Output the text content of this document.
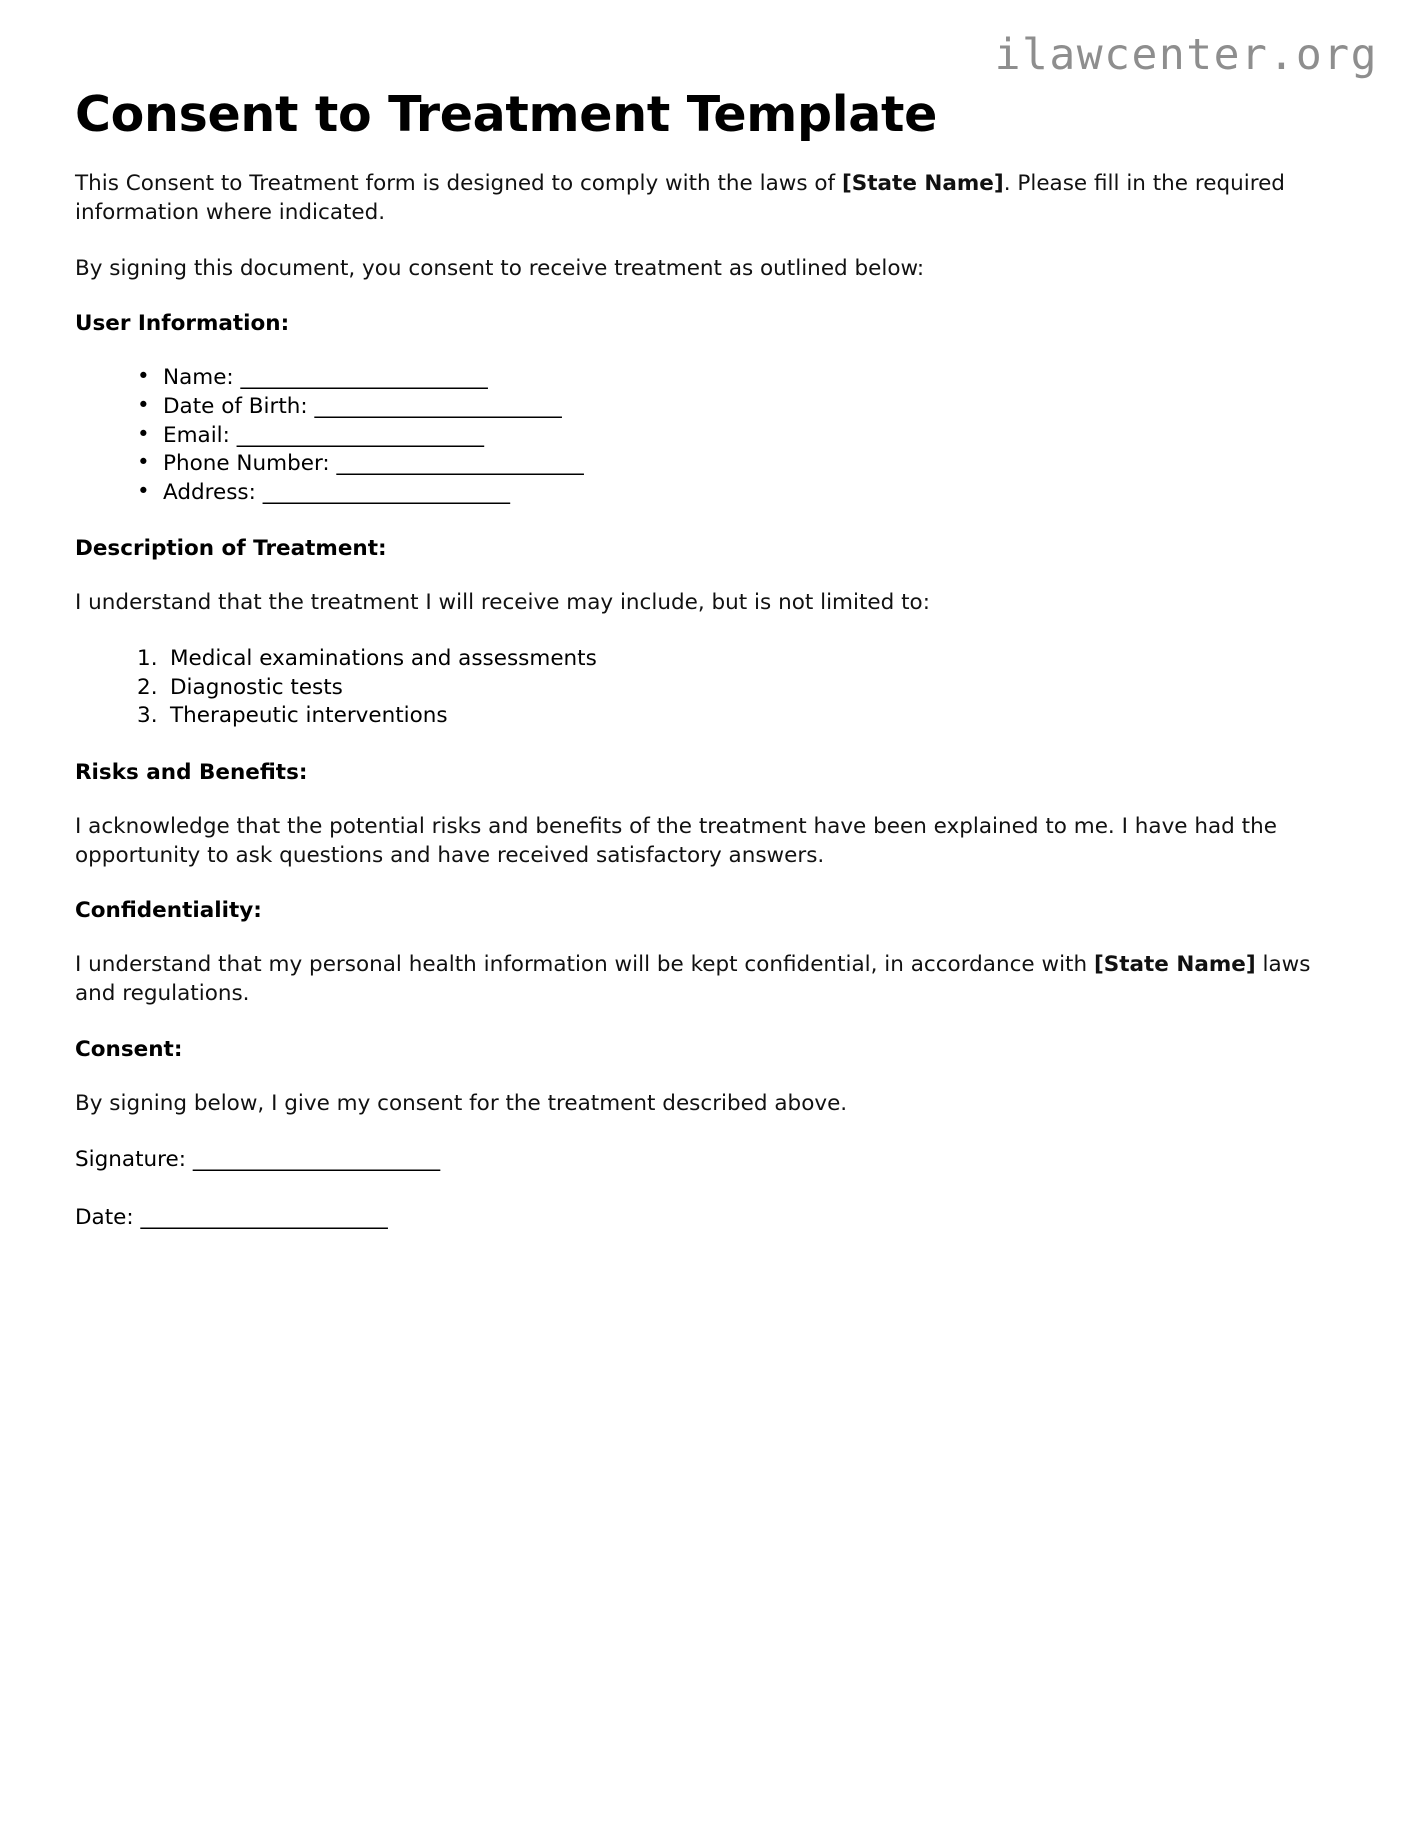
ilawcenter.org
Consent to Treatment Template

This Consent to Treatment form is designed to comply with the laws of [State Name]. Please fill in the required information where indicated.

By signing this document, you consent to receive treatment as outlined below:

User Information:
• Name: _______________________
• Date of Birth: _______________________
• Email: _______________________
• Phone Number: _______________________
• Address: _______________________
Description of Treatment:

I understand that the treatment I will receive may include, but is not limited to:

Medical examinations and assessments
Diagnostic tests
Therapeutic interventions
Risks and Benefits:

I acknowledge that the potential risks and benefits of the treatment have been explained to me. I have had the opportunity to ask questions and have received satisfactory answers.

Confidentiality:

I understand that my personal health information will be kept confidential, in accordance with [State Name] laws and regulations.

Consent:

By signing below, I give my consent for the treatment described above.

Signature: _______________________
Date: _______________________
